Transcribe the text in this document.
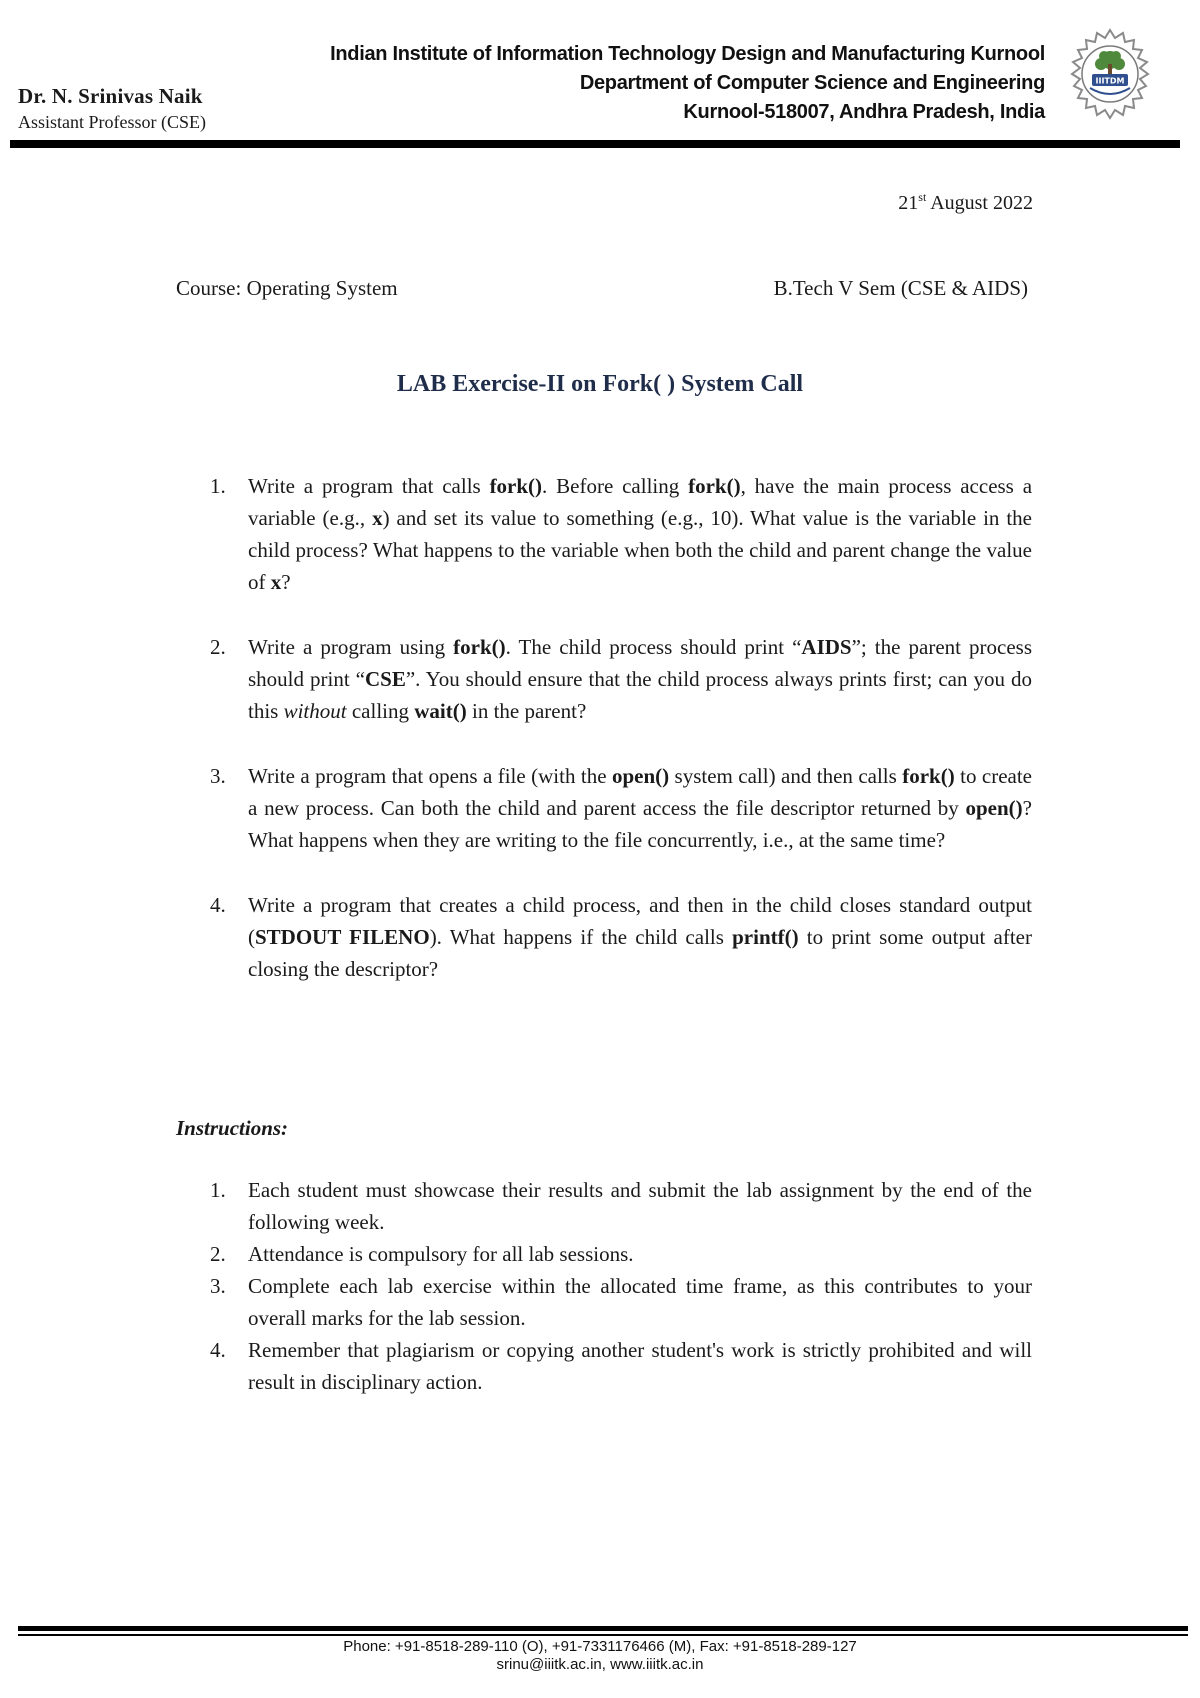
Dr. N. Srinivas Naik
Assistant Professor (CSE)
Indian Institute of Information Technology Design and Manufacturing Kurnool
Department of Computer Science and Engineering
Kurnool-518007, Andhra Pradesh, India
IIITDM
21st August 2022
Course: Operating System	B.Tech V Sem (CSE & AIDS)
LAB Exercise-II on Fork( ) System Call
1. Write a program that calls fork(). Before calling fork(), have the main process access a variable (e.g., x) and set its value to something (e.g., 10). What value is the variable in the child process? What happens to the variable when both the child and parent change the value of x?
2. Write a program using fork(). The child process should print “AIDS”; the parent process should print “CSE”. You should ensure that the child process always prints first; can you do this without calling wait() in the parent?
3. Write a program that opens a file (with the open() system call) and then calls fork() to create a new process. Can both the child and parent access the file descriptor returned by open()? What happens when they are writing to the file concurrently, i.e., at the same time?
4. Write a program that creates a child process, and then in the child closes standard output (STDOUT FILENO). What happens if the child calls printf() to print some output after closing the descriptor?
Instructions:
1. Each student must showcase their results and submit the lab assignment by the end of the following week.
2. Attendance is compulsory for all lab sessions.
3. Complete each lab exercise within the allocated time frame, as this contributes to your overall marks for the lab session.
4. Remember that plagiarism or copying another student's work is strictly prohibited and will result in disciplinary action.
Phone: +91-8518-289-110 (O), +91-7331176466 (M), Fax: +91-8518-289-127
srinu@iiitk.ac.in, www.iiitk.ac.in
